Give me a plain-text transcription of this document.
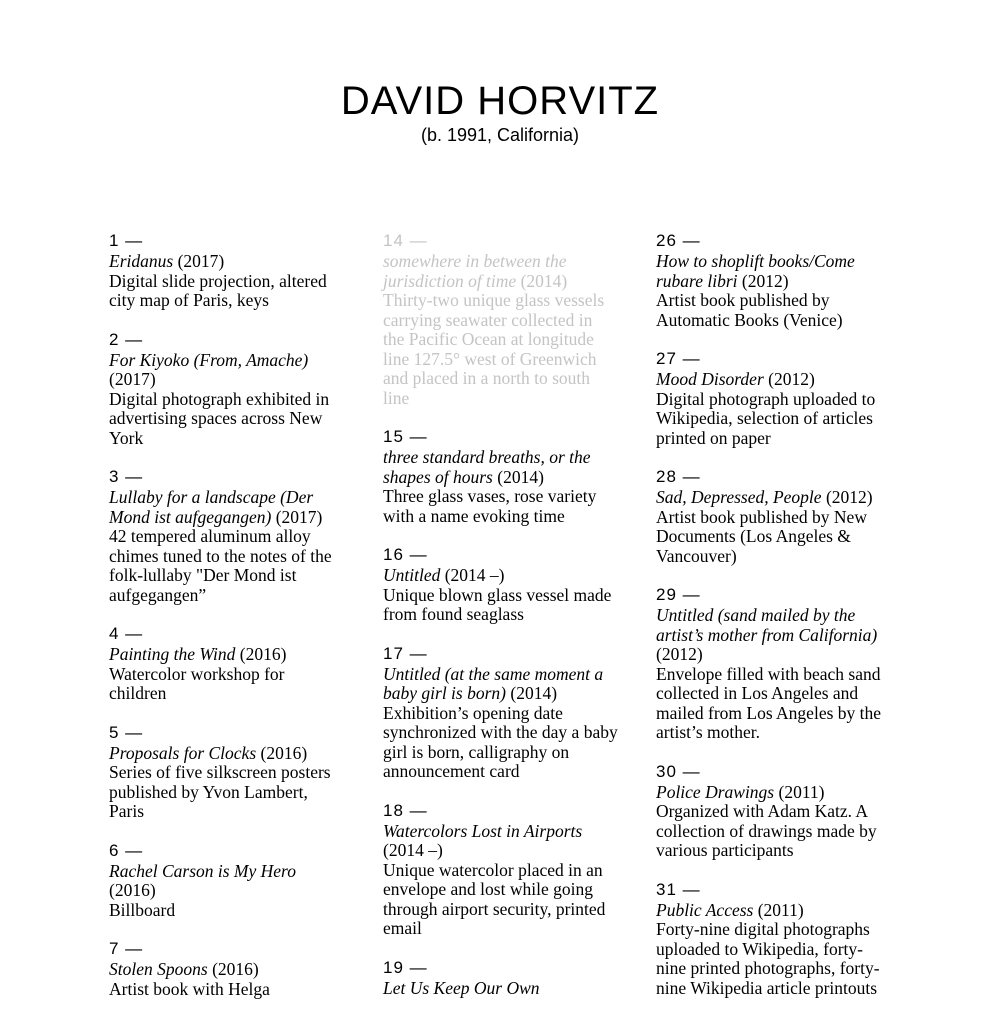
DAVID HORVITZ
(b. 1991, California)
1 —
Eridanus (2017)
Digital slide projection, altered city map of Paris, keys
2 —
For Kiyoko (From, Amache) (2017)
Digital photograph exhibited in advertising spaces across New York
3 —
Lullaby for a landscape (Der Mond ist aufgegangen) (2017)
42 tempered aluminum alloy chimes tuned to the notes of the folk-lullaby "Der Mond ist aufgegangen”
4 —
Painting the Wind (2016)
Watercolor workshop for children
5 —
Proposals for Clocks (2016)
Series of five silkscreen posters published by Yvon Lambert, Paris
6 —
Rachel Carson is My Hero (2016)
Billboard
7 —
Stolen Spoons (2016)
Artist book with Helga
14 —
somewhere in between the jurisdiction of time (2014)
Thirty-two unique glass vessels carrying seawater collected in the Pacific Ocean at longitude line 127.5° west of Greenwich and placed in a north to south line
15 —
three standard breaths, or the shapes of hours (2014)
Three glass vases, rose variety with a name evoking time
16 —
Untitled (2014 –)
Unique blown glass vessel made from found seaglass
17 —
Untitled (at the same moment a baby girl is born) (2014)
Exhibition’s opening date synchronized with the day a baby girl is born, calligraphy on announcement card
18 —
Watercolors Lost in Airports (2014 –)
Unique watercolor placed in an envelope and lost while going through airport security, printed email
19 —
Let Us Keep Our Own
26 —
How to shoplift books/Come rubare libri (2012)
Artist book published by Automatic Books (Venice)
27 —
Mood Disorder (2012)
Digital photograph uploaded to Wikipedia, selection of articles printed on paper
28 —
Sad, Depressed, People (2012)
Artist book published by New Documents (Los Angeles & Vancouver)
29 —
Untitled (sand mailed by the artist’s mother from California) (2012)
Envelope filled with beach sand collected in Los Angeles and mailed from Los Angeles by the artist’s mother.
30 —
Police Drawings (2011)
Organized with Adam Katz. A collection of drawings made by various participants
31 —
Public Access (2011)
Forty-nine digital photographs uploaded to Wikipedia, forty-nine printed photographs, forty-nine Wikipedia article printouts
